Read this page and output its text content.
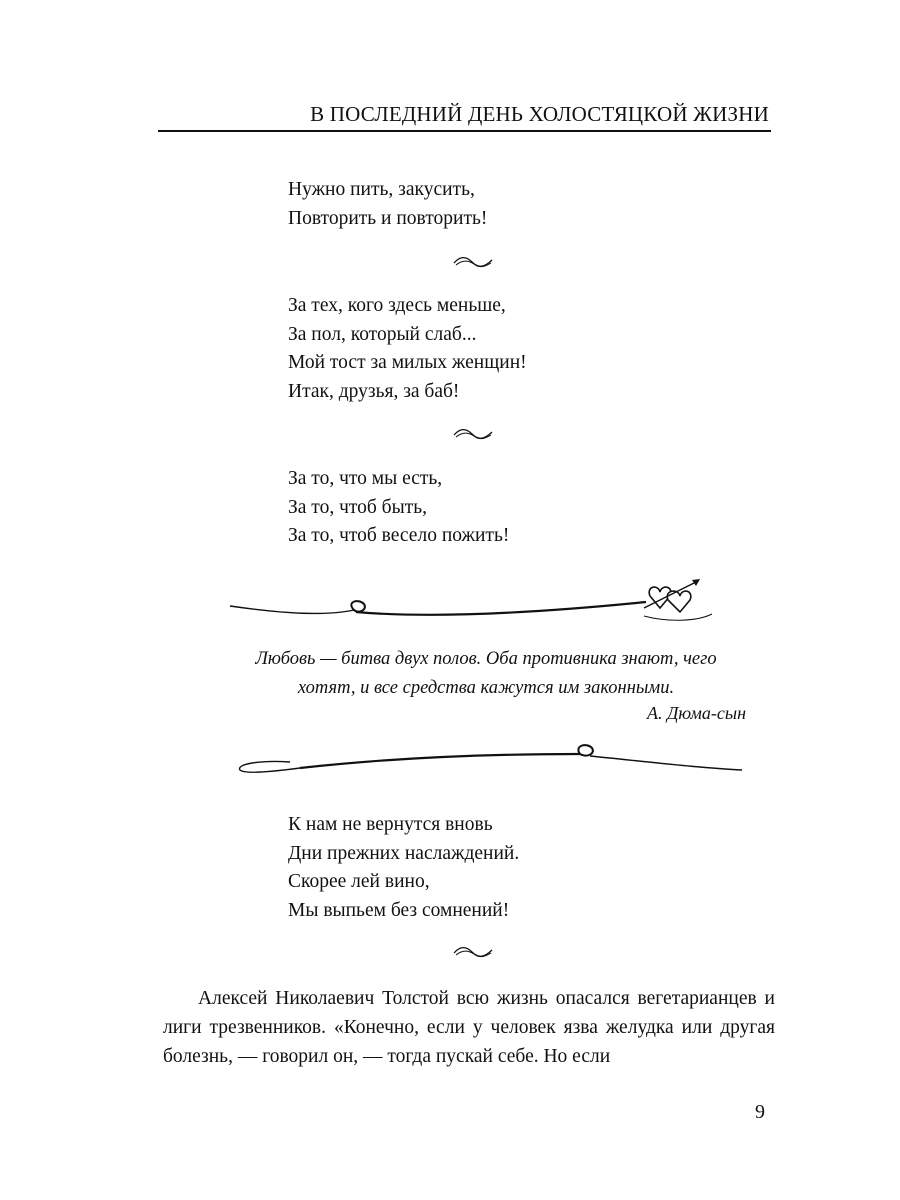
В ПОСЛЕДНИЙ ДЕНЬ ХОЛОСТЯЦКОЙ ЖИЗНИ
Нужно пить, закусить,
Повторить и повторить!
За тех, кого здесь меньше,
За пол, который слаб...
Мой тост за милых женщин!
Итак, друзья, за баб!
За то, что мы есть,
За то, чтоб быть,
За то, чтоб весело пожить!
Любовь — битва двух полов. Оба противника знают, чего
хотят, и все средства кажутся им законными.
А. Дюма-сын
К нам не вернутся вновь
Дни прежних наслаждений.
Скорее лей вино,
Мы выпьем без сомнений!
Алексей Николаевич Толстой всю жизнь опасался вегетарианцев и лиги трезвенников. «Конечно, если у человек язва желудка или другая болезнь, — говорил он, — тогда пускай себе. Но если
9
